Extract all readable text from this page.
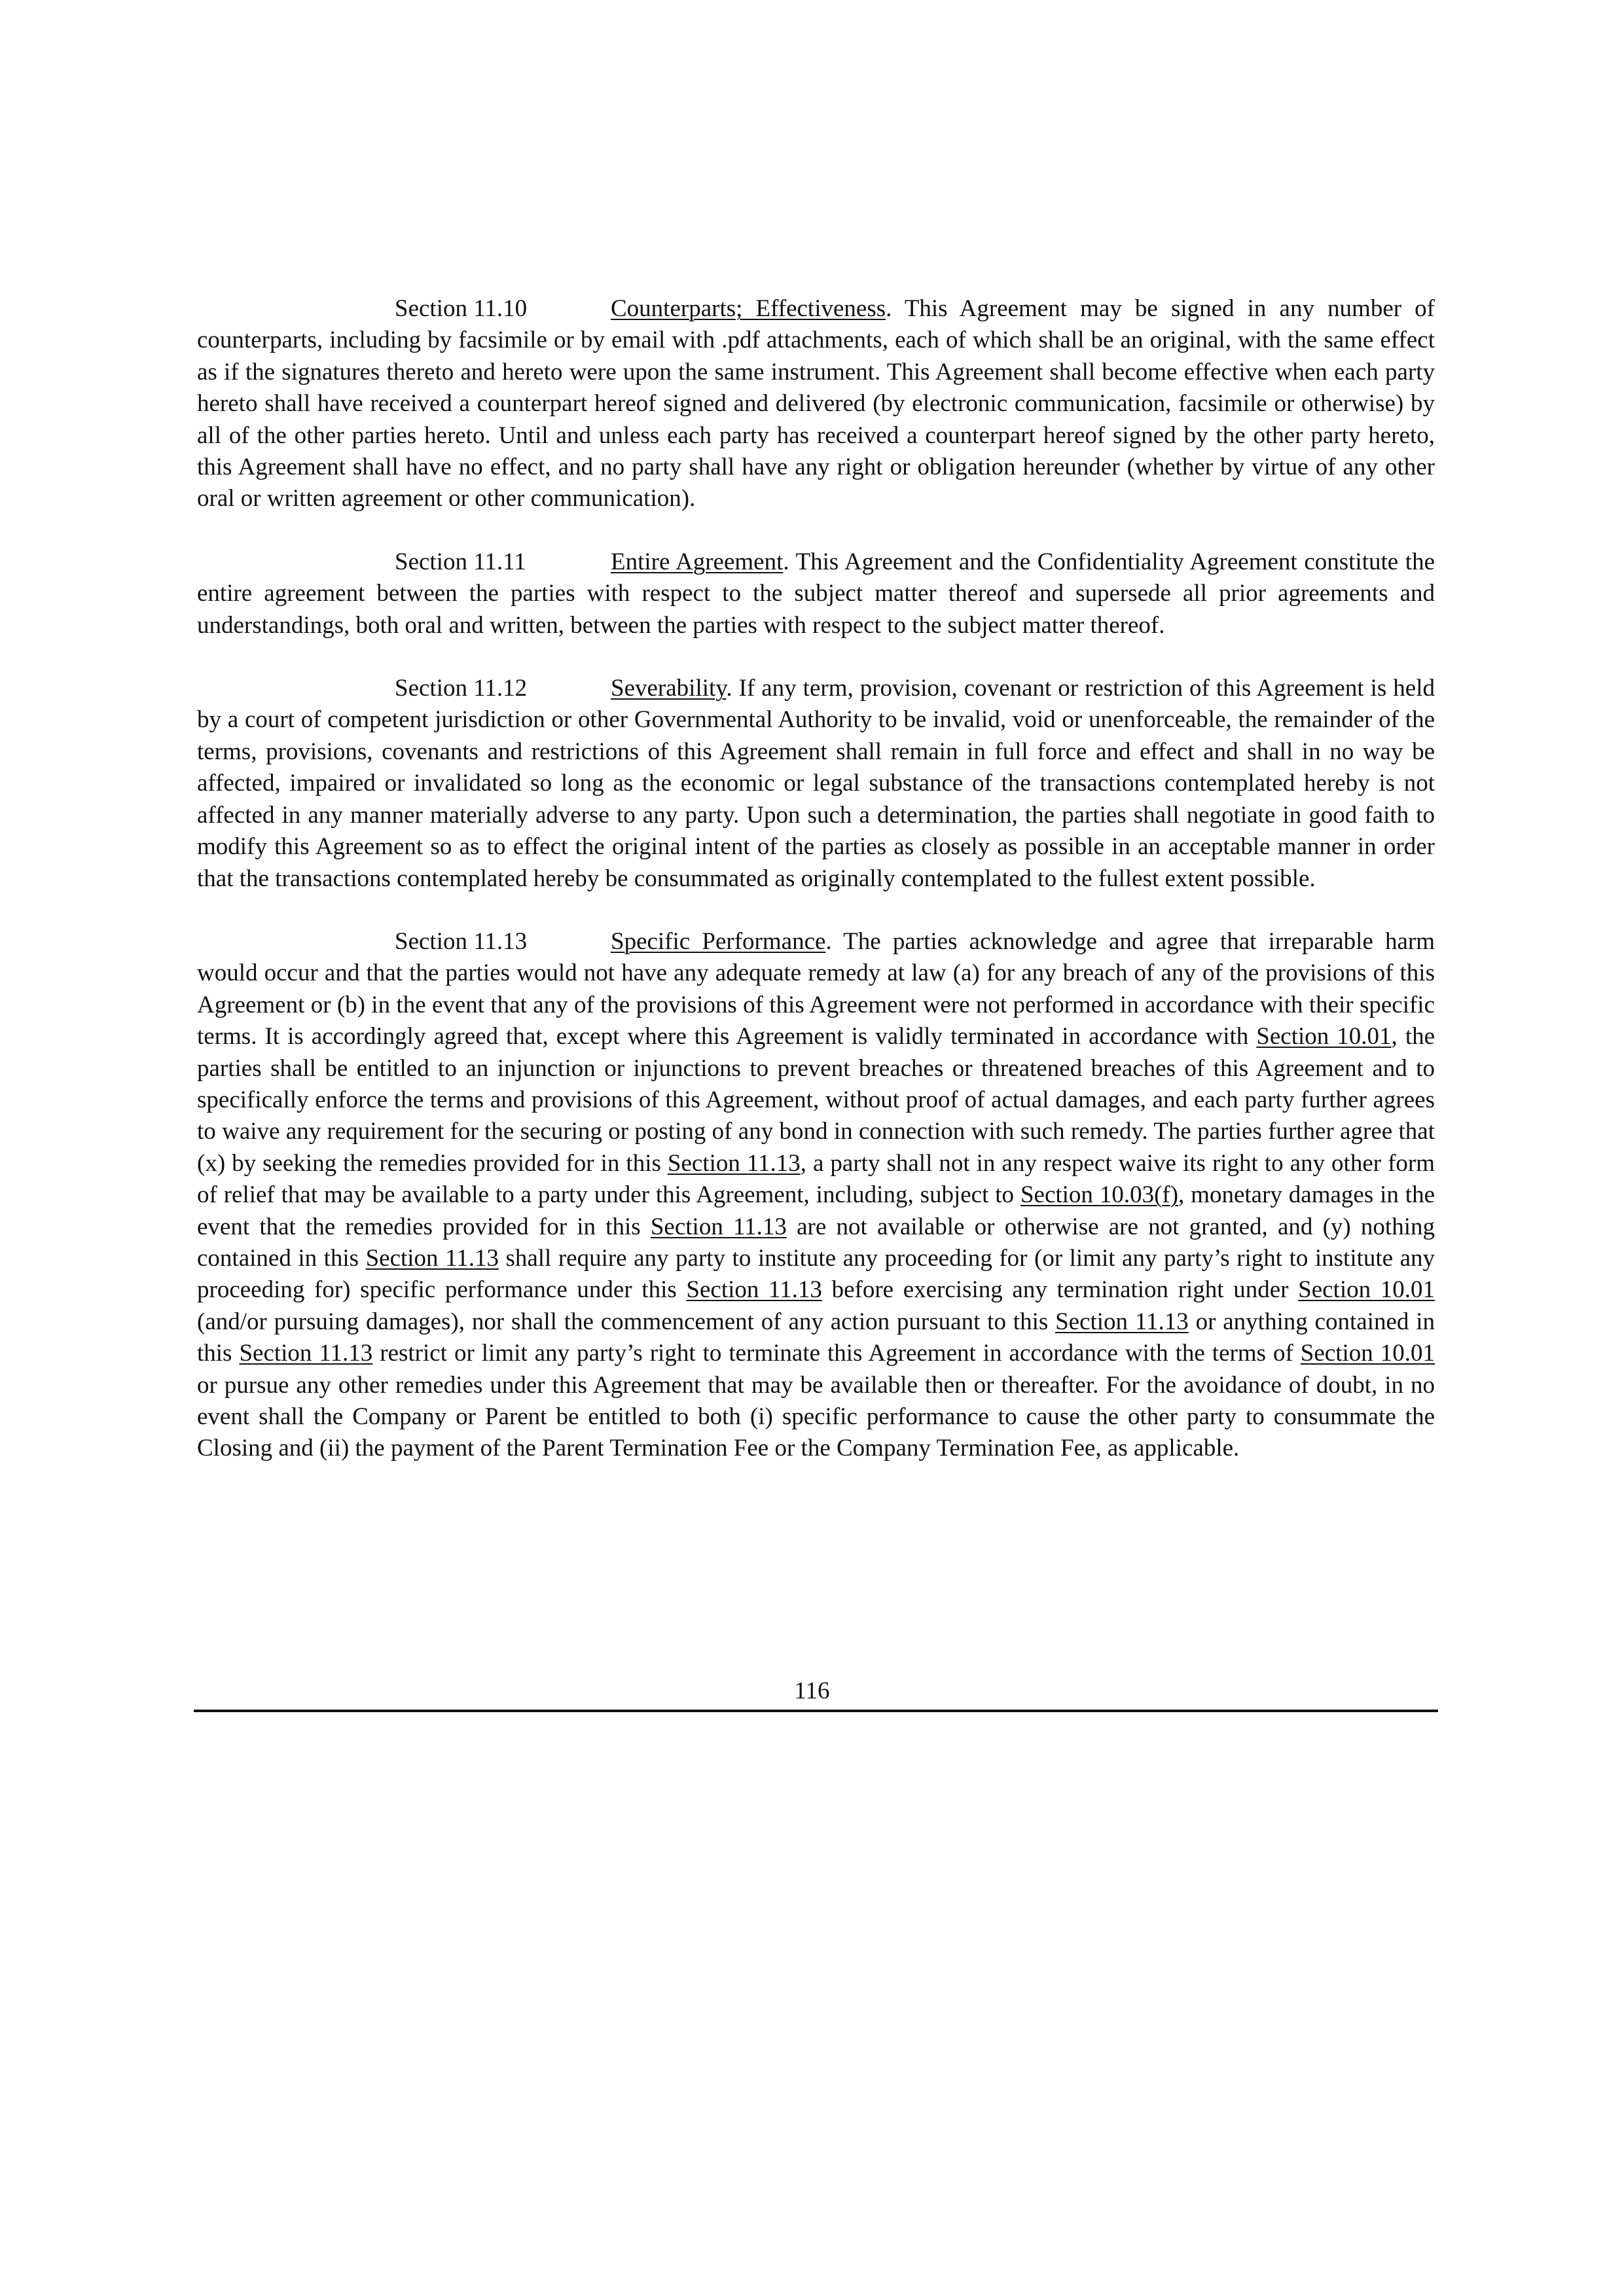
Section 11.10	Counterparts; Effectiveness. This Agreement may be signed in any number of counterparts, including by facsimile or by email with .pdf attachments, each of which shall be an original, with the same effect as if the signatures thereto and hereto were upon the same instrument. This Agreement shall become effective when each party hereto shall have received a counterpart hereof signed and delivered (by electronic communication, facsimile or otherwise) by all of the other parties hereto. Until and unless each party has received a counterpart hereof signed by the other party hereto, this Agreement shall have no effect, and no party shall have any right or obligation hereunder (whether by virtue of any other oral or written agreement or other communication).

Section 11.11	Entire Agreement. This Agreement and the Confidentiality Agreement constitute the entire agreement between the parties with respect to the subject matter thereof and supersede all prior agreements and understandings, both oral and written, between the parties with respect to the subject matter thereof.

Section 11.12	Severability. If any term, provision, covenant or restriction of this Agreement is held by a court of competent jurisdiction or other Governmental Authority to be invalid, void or unenforceable, the remainder of the terms, provisions, covenants and restrictions of this Agreement shall remain in full force and effect and shall in no way be affected, impaired or invalidated so long as the economic or legal substance of the transactions contemplated hereby is not affected in any manner materially adverse to any party. Upon such a determination, the parties shall negotiate in good faith to modify this Agreement so as to effect the original intent of the parties as closely as possible in an acceptable manner in order that the transactions contemplated hereby be consummated as originally contemplated to the fullest extent possible.

Section 11.13	Specific Performance. The parties acknowledge and agree that irreparable harm would occur and that the parties would not have any adequate remedy at law (a) for any breach of any of the provisions of this Agreement or (b) in the event that any of the provisions of this Agreement were not performed in accordance with their specific terms. It is accordingly agreed that, except where this Agreement is validly terminated in accordance with Section 10.01, the parties shall be entitled to an injunction or injunctions to prevent breaches or threatened breaches of this Agreement and to specifically enforce the terms and provisions of this Agreement, without proof of actual damages, and each party further agrees to waive any requirement for the securing or posting of any bond in connection with such remedy. The parties further agree that (x) by seeking the remedies provided for in this Section 11.13, a party shall not in any respect waive its right to any other form of relief that may be available to a party under this Agreement, including, subject to Section 10.03(f), monetary damages in the event that the remedies provided for in this Section 11.13 are not available or otherwise are not granted, and (y) nothing contained in this Section 11.13 shall require any party to institute any proceeding for (or limit any party’s right to institute any proceeding for) specific performance under this Section 11.13 before exercising any termination right under Section 10.01 (and/or pursuing damages), nor shall the commencement of any action pursuant to this Section 11.13 or anything contained in this Section 11.13 restrict or limit any party’s right to terminate this Agreement in accordance with the terms of Section 10.01 or pursue any other remedies under this Agreement that may be available then or thereafter. For the avoidance of doubt, in no event shall the Company or Parent be entitled to both (i) specific performance to cause the other party to consummate the Closing and (ii) the payment of the Parent Termination Fee or the Company Termination Fee, as applicable.

116
